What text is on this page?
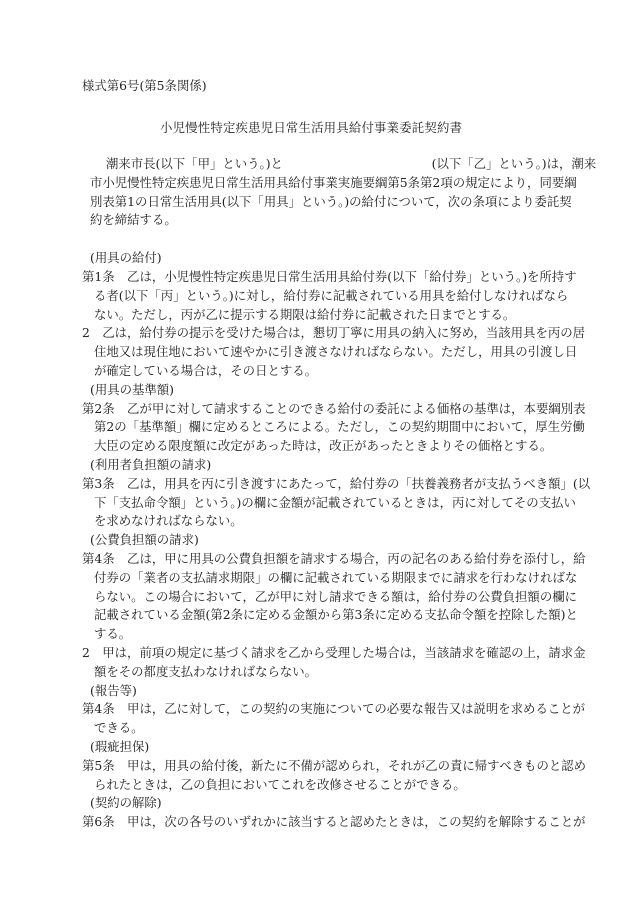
様式第6号(第5条関係)
小児慢性特定疾患児日常生活用具給付事業委託契約書
潮来市長(以下「甲」という。)と　　　　　　　　　　　　(以下「乙」という。)は，潮来
市小児慢性特定疾患児日常生活用具給付事業実施要綱第5条第2項の規定により，同要綱
別表第1の日常生活用具(以下「用具」という。)の給付について，次の条項により委託契
約を締結する。
(用具の給付)
第1条　乙は，小児慢性特定疾患児日常生活用具給付券(以下「給付券」という。)を所持す
る者(以下「丙」という。)に対し，給付券に記載されている用具を給付しなければなら
ない。ただし，丙が乙に提示する期限は給付券に記載された日までとする。
2　乙は，給付券の提示を受けた場合は，懇切丁寧に用具の納入に努め，当該用具を丙の居
住地又は現住地において速やかに引き渡さなければならない。ただし，用具の引渡し日
が確定している場合は，その日とする。
(用具の基準額)
第2条　乙が甲に対して請求することのできる給付の委託による価格の基準は，本要綱別表
第2の「基準額」欄に定めるところによる。ただし，この契約期間中において，厚生労働
大臣の定める限度額に改定があった時は，改正があったときよりその価格とする。
(利用者負担額の請求)
第3条　乙は，用具を丙に引き渡すにあたって，給付券の「扶養義務者が支払うべき額」(以
下「支払命令額」という。)の欄に金額が記載されているときは，丙に対してその支払い
を求めなければならない。
(公費負担額の請求)
第4条　乙は，甲に用具の公費負担額を請求する場合，丙の記名のある給付券を添付し，給
付券の「業者の支払請求期限」の欄に記載されている期限までに請求を行わなければな
らない。この場合において，乙が甲に対し請求できる額は，給付券の公費負担額の欄に
記載されている金額(第2条に定める金額から第3条に定める支払命令額を控除した額)と
する。
2　甲は，前項の規定に基づく請求を乙から受理した場合は，当該請求を確認の上，請求金
額をその都度支払わなければならない。
(報告等)
第4条　甲は，乙に対して，この契約の実施についての必要な報告又は説明を求めることが
できる。
(瑕疵担保)
第5条　甲は，用具の給付後，新たに不備が認められ，それが乙の責に帰すべきものと認め
られたときは，乙の負担においてこれを改修させることができる。
(契約の解除)
第6条　甲は，次の各号のいずれかに該当すると認めたときは，この契約を解除することが
